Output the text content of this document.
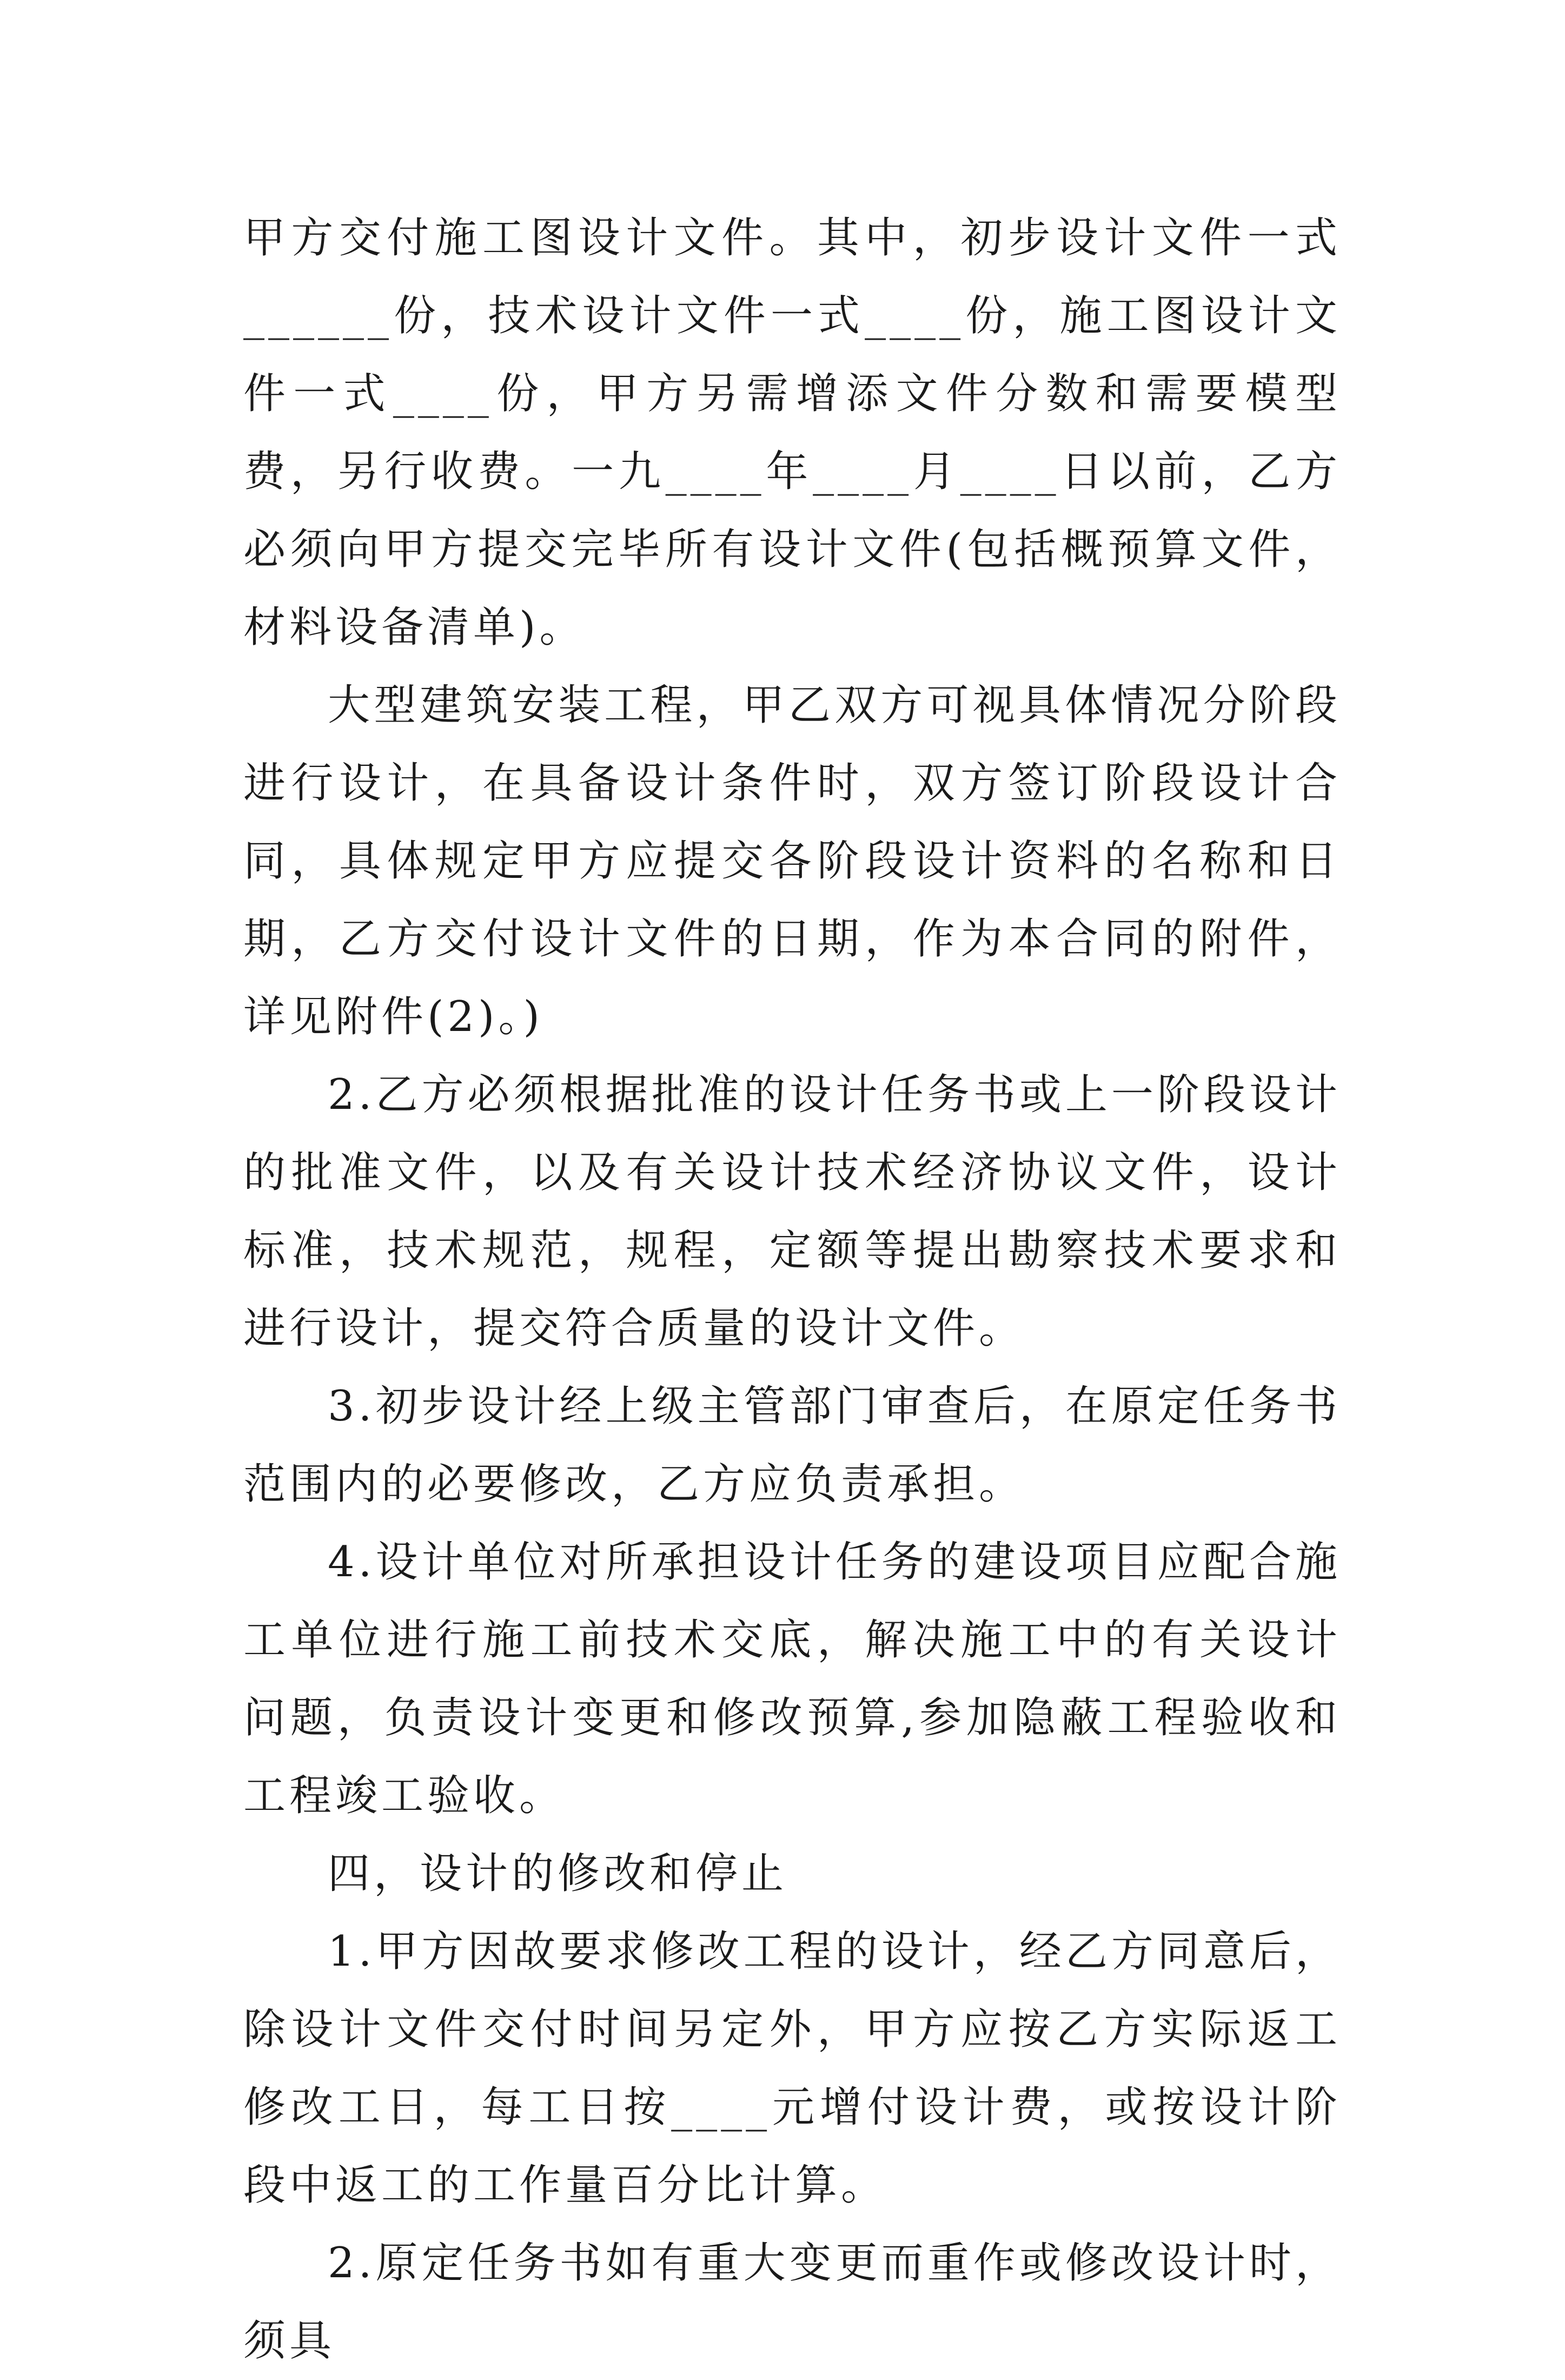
甲方交付施工图设计文件。其中，初步设计文件一式______份，技术设计文件一式____份，施工图设计文件一式____份，甲方另需增添文件分数和需要模型费，另行收费。一九____年____月____日以前，乙方必须向甲方提交完毕所有设计文件(包括概预算文件，材料设备清单)。

大型建筑安装工程，甲乙双方可视具体情况分阶段进行设计，在具备设计条件时，双方签订阶段设计合同，具体规定甲方应提交各阶段设计资料的名称和日期，乙方交付设计文件的日期，作为本合同的附件，详见附件(2)。)

2.乙方必须根据批准的设计任务书或上一阶段设计的批准文件，以及有关设计技术经济协议文件，设计标准，技术规范，规程，定额等提出勘察技术要求和进行设计，提交符合质量的设计文件。

3.初步设计经上级主管部门审查后，在原定任务书范围内的必要修改，乙方应负责承担。

4.设计单位对所承担设计任务的建设项目应配合施工单位进行施工前技术交底，解决施工中的有关设计问题，负责设计变更和修改预算,参加隐蔽工程验收和工程竣工验收。

四，设计的修改和停止

1.甲方因故要求修改工程的设计，经乙方同意后，除设计文件交付时间另定外，甲方应按乙方实际返工修改工日，每工日按____元增付设计费，或按设计阶段中返工的工作量百分比计算。

2.原定任务书如有重大变更而重作或修改设计时，须具
